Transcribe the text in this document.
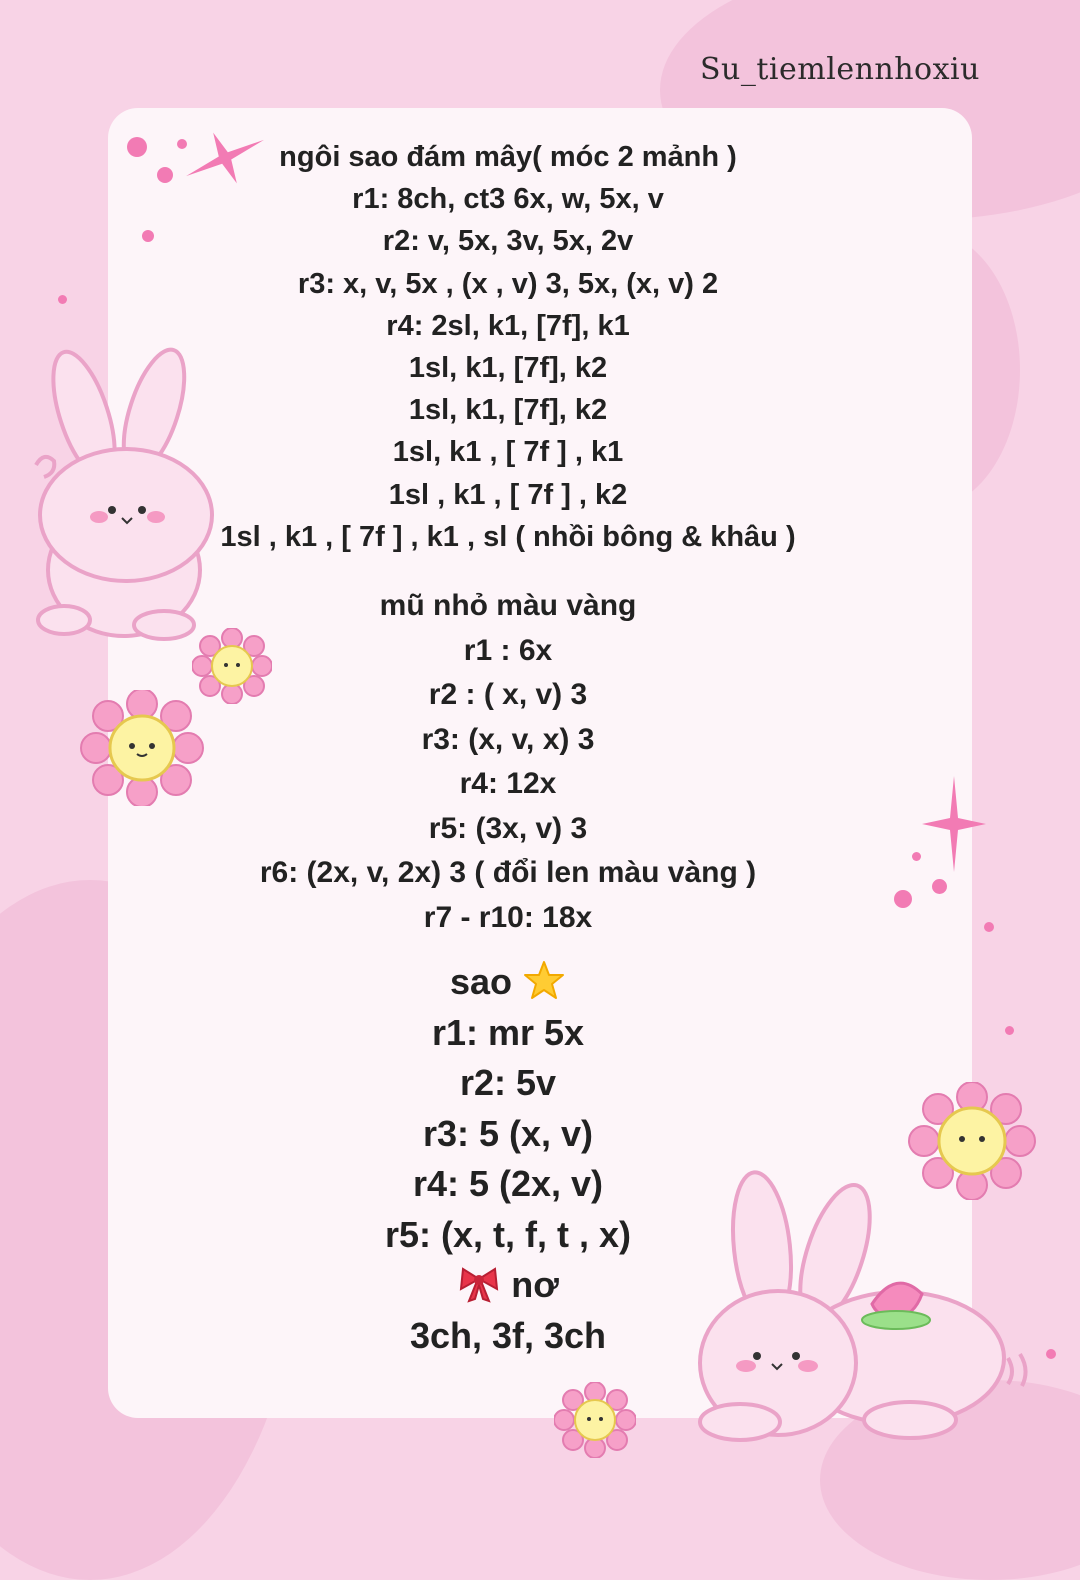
Su_tiemlennhoxiu
ngôi sao đám mây( móc 2 mảnh )
r1: 8ch, ct3 6x, w, 5x, v
r2: v, 5x, 3v, 5x, 2v
r3: x, v, 5x , (x , v) 3, 5x, (x, v) 2
r4: 2sl, k1, [7f], k1
1sl, k1, [7f], k2
1sl, k1, [7f], k2
1sl, k1 , [ 7f ] , k1
1sl , k1 , [ 7f ] , k2
1sl , k1 , [ 7f ] , k1 , sl ( nhồi bông & khâu )
mũ nhỏ màu vàng
r1 : 6x
r2 : ( x, v) 3
r3: (x, v, x) 3
r4: 12x
r5: (3x, v) 3
r6: (2x, v, 2x) 3 ( đổi len màu vàng )
r7 - r10: 18x
sao
r1: mr 5x
r2: 5v
r3: 5 (x, v)
r4: 5 (2x, v)
r5: (x, t, f, t , x)
nơ
3ch, 3f, 3ch
